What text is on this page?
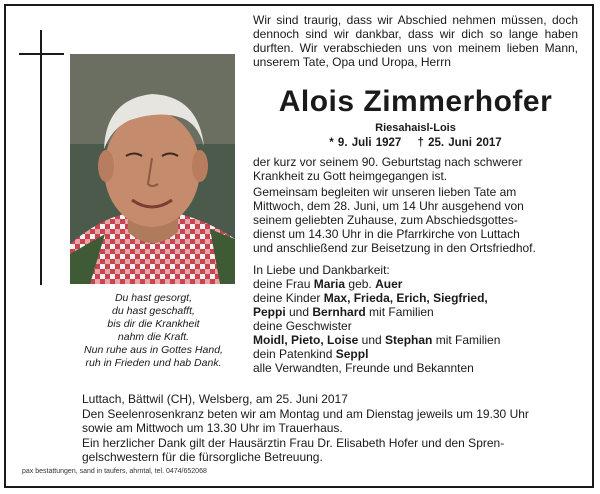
Du hast gesorgt,
du hast geschafft,
bis dir die Krankheit
nahm die Kraft.
Nun ruhe aus in Gottes Hand,
ruh in Frieden und hab Dank.
Wir sind traurig, dass wir Abschied nehmen müssen, doch dennoch sind wir dankbar, dass wir dich so lange haben durften. Wir verabschieden uns von meinem lieben Mann, unserem Tate, Opa und Uropa, Herrn
Alois Zimmerhofer
Riesahaisl-Lois
* 9. Juli 1927 † 25. Juni 2017
der kurz vor seinem 90. Geburtstag nach schwerer
Krankheit zu Gott heimgegangen ist.
Gemeinsam begleiten wir unseren lieben Tate am
Mittwoch, dem 28. Juni, um 14 Uhr ausgehend von
seinem geliebten Zuhause, zum Abschiedsgottes-
dienst um 14.30 Uhr in die Pfarrkirche von Luttach
und anschließend zur Beisetzung in den Ortsfriedhof.
In Liebe und Dankbarkeit:
deine Frau Maria geb. Auer
deine Kinder Max, Frieda, Erich, Siegfried,
Peppi und Bernhard mit Familien
deine Geschwister
Moidl, Pieto, Loise und Stephan mit Familien
dein Patenkind Seppl
alle Verwandten, Freunde und Bekannten
Luttach, Bättwil (CH), Welsberg, am 25. Juni 2017
Den Seelenrosenkranz beten wir am Montag und am Dienstag jeweils um 19.30 Uhr
sowie am Mittwoch um 13.30 Uhr im Trauerhaus.
Ein herzlicher Dank gilt der Hausärztin Frau Dr. Elisabeth Hofer und den Spren-
gelschwestern für die fürsorgliche Betreuung.
pax bestattungen, sand in taufers, ahrntal, tel. 0474/652068
